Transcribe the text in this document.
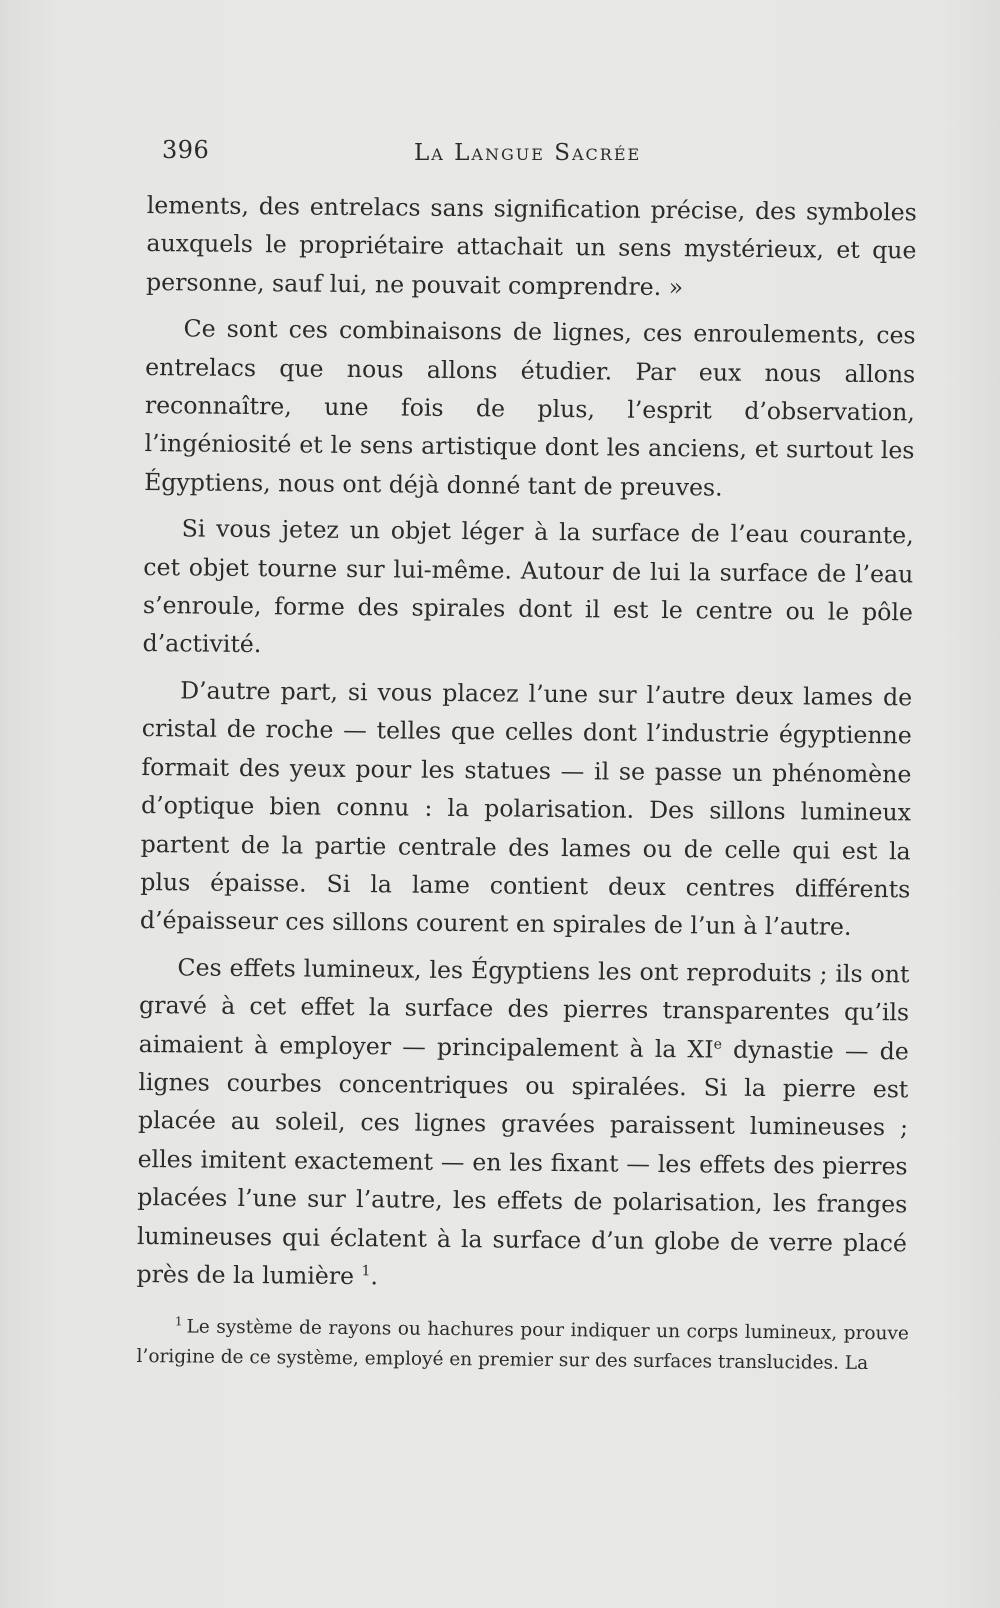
396	La Langue Sacrée

lements, des entrelacs sans signification précise, des symboles auxquels le propriétaire attachait un sens mystérieux, et que personne, sauf lui, ne pouvait comprendre. »

Ce sont ces combinaisons de lignes, ces enroulements, ces entrelacs que nous allons étudier. Par eux nous allons reconnaître, une fois de plus, l’esprit d’observation, l’ingéniosité et le sens artistique dont les anciens, et surtout les Égyptiens, nous ont déjà donné tant de preuves.

Si vous jetez un objet léger à la surface de l’eau courante, cet objet tourne sur lui-même. Autour de lui la surface de l’eau s’enroule, forme des spirales dont il est le centre ou le pôle d’activité.

D’autre part, si vous placez l’une sur l’autre deux lames de cristal de roche — telles que celles dont l’industrie égyptienne formait des yeux pour les statues — il se passe un phénomène d’optique bien connu : la polarisation. Des sillons lumineux partent de la partie centrale des lames ou de celle qui est la plus épaisse. Si la lame contient deux centres différents d’épaisseur ces sillons courent en spirales de l’un à l’autre.

Ces effets lumineux, les Égyptiens les ont reproduits ; ils ont gravé à cet effet la surface des pierres transparentes qu’ils aimaient à employer — principalement à la XIe dynastie — de lignes courbes concentriques ou spiralées. Si la pierre est placée au soleil, ces lignes gravées paraissent lumineuses ; elles imitent exactement — en les fixant — les effets des pierres placées l’une sur l’autre, les effets de polarisation, les franges lumineuses qui éclatent à la surface d’un globe de verre placé près de la lumière $^1$.

$^1$ Le système de rayons ou hachures pour indiquer un corps lumineux, prouve l’origine de ce système, employé en premier sur des surfaces translucides. La
